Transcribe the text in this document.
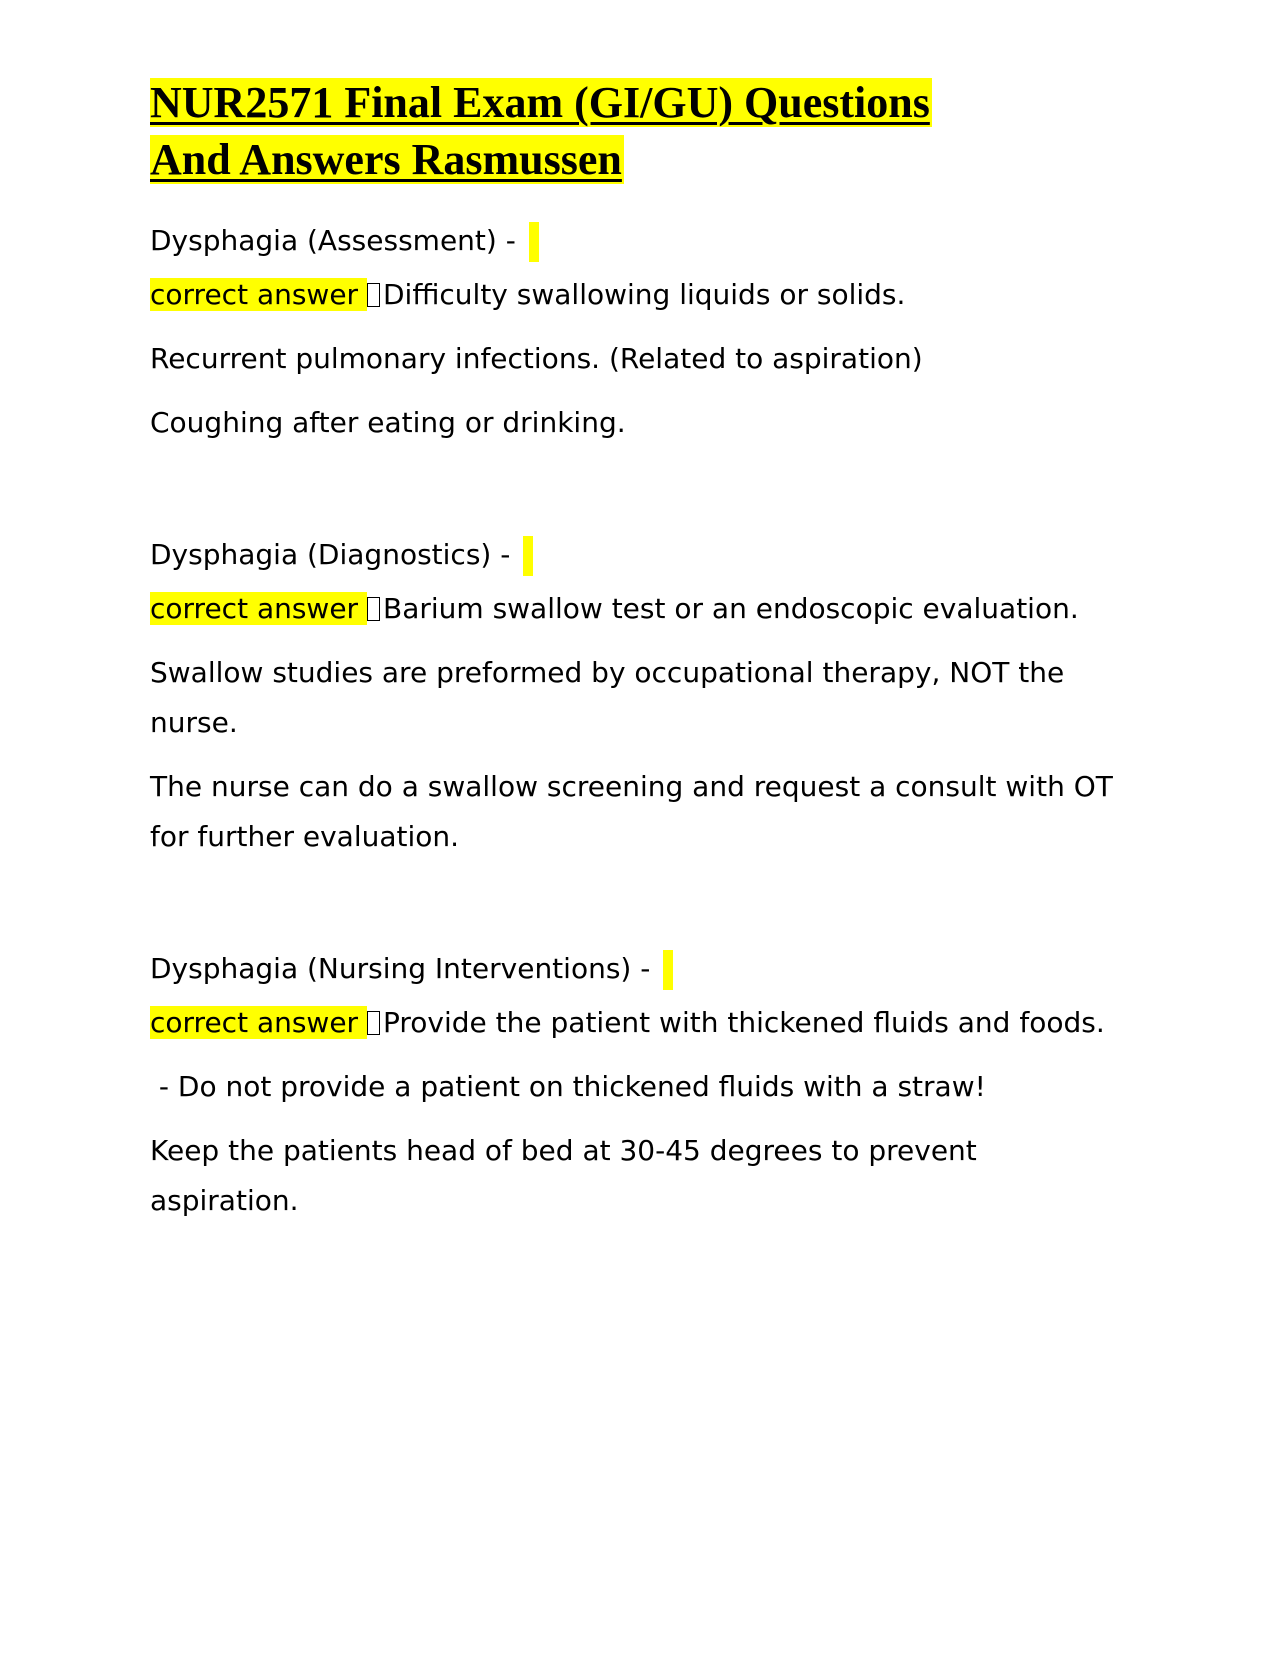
NUR2571 Final Exam (GI/GU) Questions
And Answers Rasmussen
Dysphagia (Assessment) -
correct answer Difficulty swallowing liquids or solids.

Recurrent pulmonary infections. (Related to aspiration)

Coughing after eating or drinking.

Dysphagia (Diagnostics) -
correct answer Barium swallow test or an endoscopic evaluation.

Swallow studies are preformed by occupational therapy, NOT the nurse.

The nurse can do a swallow screening and request a consult with OT for further evaluation.

Dysphagia (Nursing Interventions) -
correct answer Provide the patient with thickened fluids and foods.

- Do not provide a patient on thickened fluids with a straw!

Keep the patients head of bed at 30-45 degrees to prevent aspiration.
